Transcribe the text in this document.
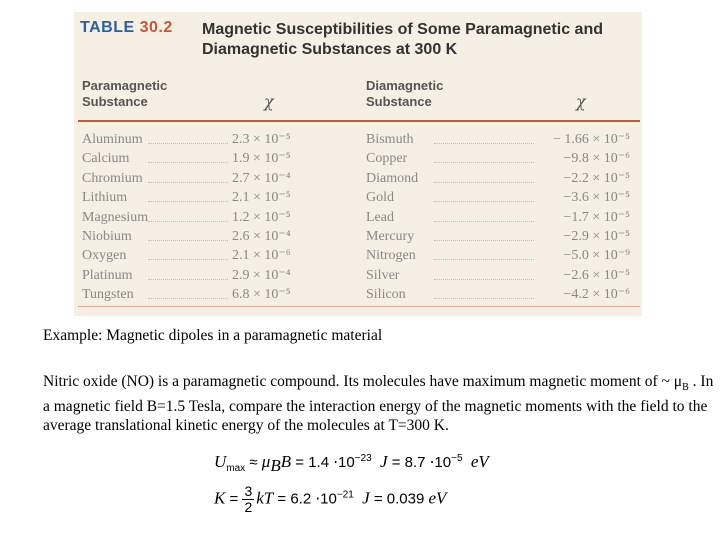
TABLE 30.2 Magnetic Susceptibilities of Some Paramagnetic and
Diamagnetic Substances at 300 K
Paramagnetic
Substance	χ
Diamagnetic
Substance	χ
Aluminum	2.3 × 10⁻⁵	Bismuth	− 1.66 × 10⁻⁵
Calcium	1.9 × 10⁻⁵	Copper	−9.8 × 10⁻⁶
Chromium	2.7 × 10⁻⁴	Diamond	−2.2 × 10⁻⁵
Lithium	2.1 × 10⁻⁵	Gold	−3.6 × 10⁻⁵
Magnesium	1.2 × 10⁻⁵	Lead	−1.7 × 10⁻⁵
Niobium	2.6 × 10⁻⁴	Mercury	−2.9 × 10⁻⁵
Oxygen	2.1 × 10⁻⁶	Nitrogen	−5.0 × 10⁻⁹
Platinum	2.9 × 10⁻⁴	Silver	−2.6 × 10⁻⁵
Tungsten	6.8 × 10⁻⁵	Silicon	−4.2 × 10⁻⁶
Example: Magnetic dipoles in a paramagnetic material
Nitric oxide (NO) is a paramagnetic compound. Its molecules have maximum magnetic moment of ~ $\mu_B$ . In a magnetic field B=1.5 Tesla, compare the interaction energy of the magnetic moments with the field to the average translational kinetic energy of the molecules at T=300 K.
$U_{max} \approx \mu_BB = 1.4 \cdot 10^{-23}$ $J = 8.7 \cdot 10^{-5}$ eV
$K = \frac{3}{2}$ kT = $6.2 \cdot 10^{-21}$ J = 0.039 eV
